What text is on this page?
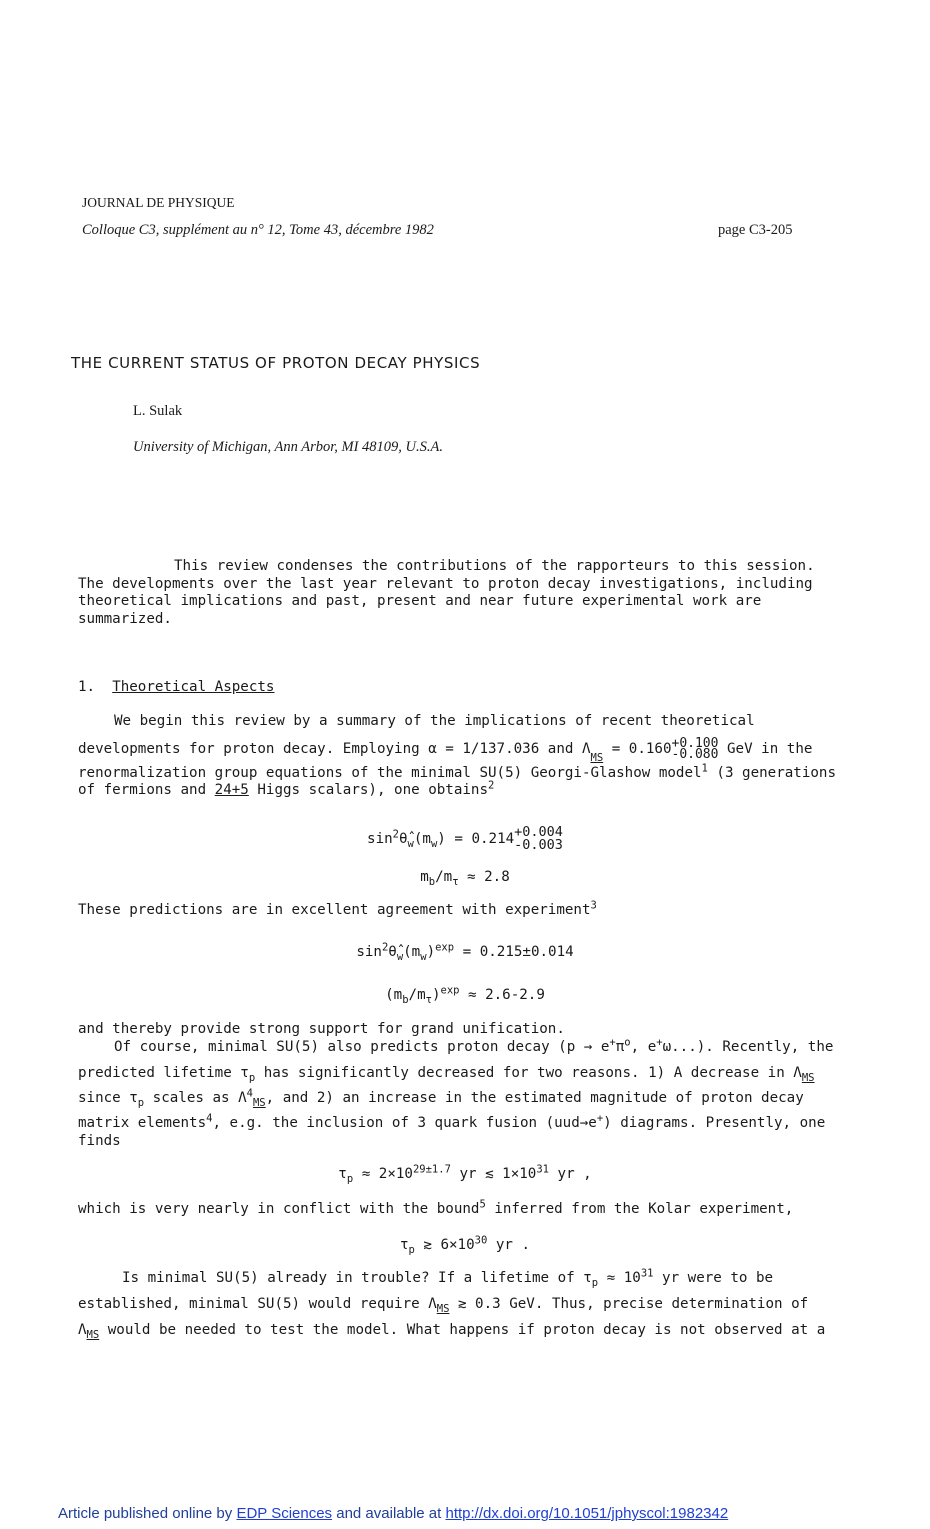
JOURNAL DE PHYSIQUE
Colloque C3, supplément au n° 12, Tome 43, décembre 1982	page C3-205
THE CURRENT STATUS OF PROTON DECAY PHYSICS
L. Sulak
University of Michigan, Ann Arbor, MI 48109, U.S.A.
This review condenses the contributions of the rapporteurs to this session.
The developments over the last year relevant to proton decay investigations, including
theoretical implications and past, present and near future experimental work are
summarized.
1. Theoretical Aspects
We begin this review by a summary of the implications of recent theoretical
developments for proton decay. Employing α = 1/137.036 and $\Lambda_{MS} = 0.160 +0.100$
-0.080 GeV in the
renormalization group equations of the minimal SU(5) Georgi-Glashow model$^1$ (3 generations
of fermions and 24+5 Higgs scalars), one obtains$^2$
$\sin^2\thetâ_w(m_w) = 0.214 +0.004$
-0.003
$m_b/m_\tau \approx 2.8$
These predictions are in excellent agreement with experiment$^3$
$\sin^2\thetâ_w(m_w)^{exp} = 0.215\pm 0.014$
$(m_b/m_\tau)^{exp} \approx 2.6-2.9$
and thereby provide strong support for grand unification.
Of course, minimal SU(5) also predicts proton decay ($p \to e^+\pi^o$, e+ω...). Recently, the
predicted lifetime $\tau_p$ has significantly decreased for two reasons. 1) A decrease in $\Lambda_{MS}$
since $\tau_p$ scales as $\Lambda^4_{MS}$, and 2) an increase in the estimated magnitude of proton decay
matrix elements$^4$, e.g. the inclusion of 3 quark fusion (uud→e+) diagrams. Presently, one
finds
$\tau_p \approx 2\times 10^{29\pm 1.7}$ yr ≲ $1\times 10^{31}$ yr ,
which is very nearly in conflict with the bound$^5$ inferred from the Kolar experiment,
$\tau_p$ ≳ $6\times 10^{30}$ yr .
Is minimal SU(5) already in trouble? If a lifetime of $\tau_p \approx 10^{31}$ yr were to be
established, minimal SU(5) would require $\Lambda_{MS}$ ≳ 0.3 GeV. Thus, precise determination of
$\Lambda_{MS}$ would be needed to test the model. What happens if proton decay is not observed at a
Article published online by EDP Sciences and available at http://dx.doi.org/10.1051/jphyscol:1982342
